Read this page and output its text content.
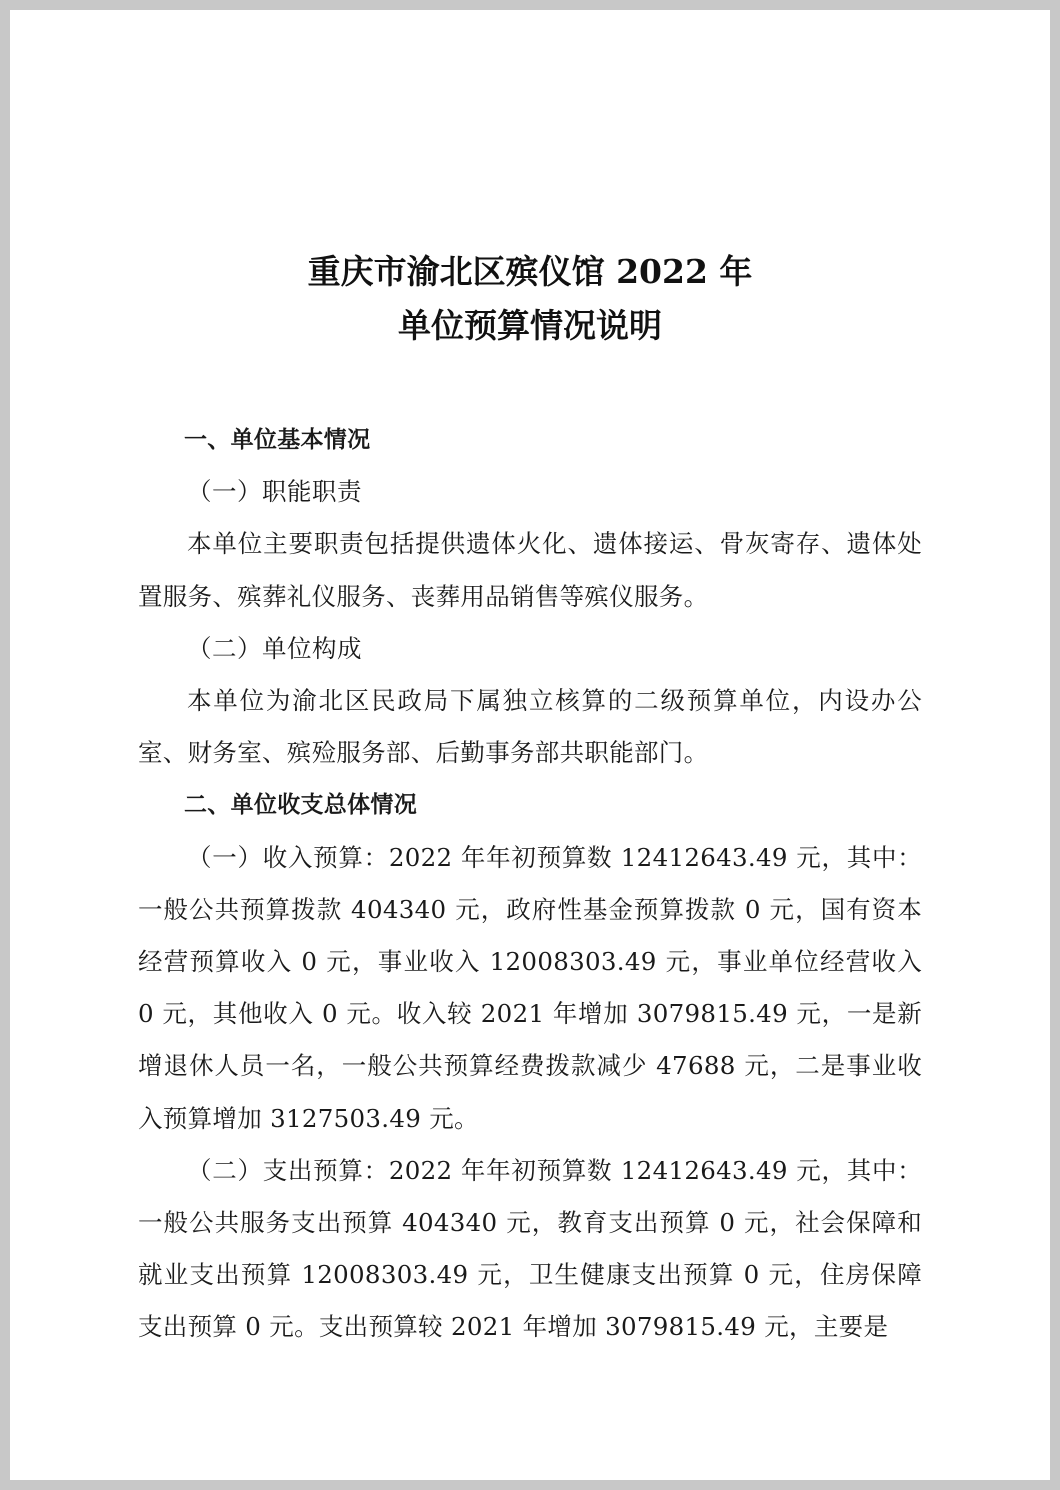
重庆市渝北区殡仪馆 2022 年
单位预算情况说明

一、单位基本情况

（一）职能职责

本单位主要职责包括提供遗体火化、遗体接运、骨灰寄存、遗体处置服务、殡葬礼仪服务、丧葬用品销售等殡仪服务。

（二）单位构成

本单位为渝北区民政局下属独立核算的二级预算单位，内设办公室、财务室、殡殓服务部、后勤事务部共职能部门。

二、单位收支总体情况

（一）收入预算：2022 年年初预算数 12412643.49 元，其中：一般公共预算拨款 404340 元，政府性基金预算拨款 0 元，国有资本经营预算收入 0 元，事业收入 12008303.49 元，事业单位经营收入 0 元，其他收入 0 元。收入较 2021 年增加 3079815.49 元，一是新增退休人员一名，一般公共预算经费拨款减少 47688 元，二是事业收入预算增加 3127503.49 元。

（二）支出预算：2022 年年初预算数 12412643.49 元，其中：一般公共服务支出预算 404340 元，教育支出预算 0 元，社会保障和就业支出预算 12008303.49 元，卫生健康支出预算 0 元，住房保障支出预算 0 元。支出预算较 2021 年增加 3079815.49 元，主要是
